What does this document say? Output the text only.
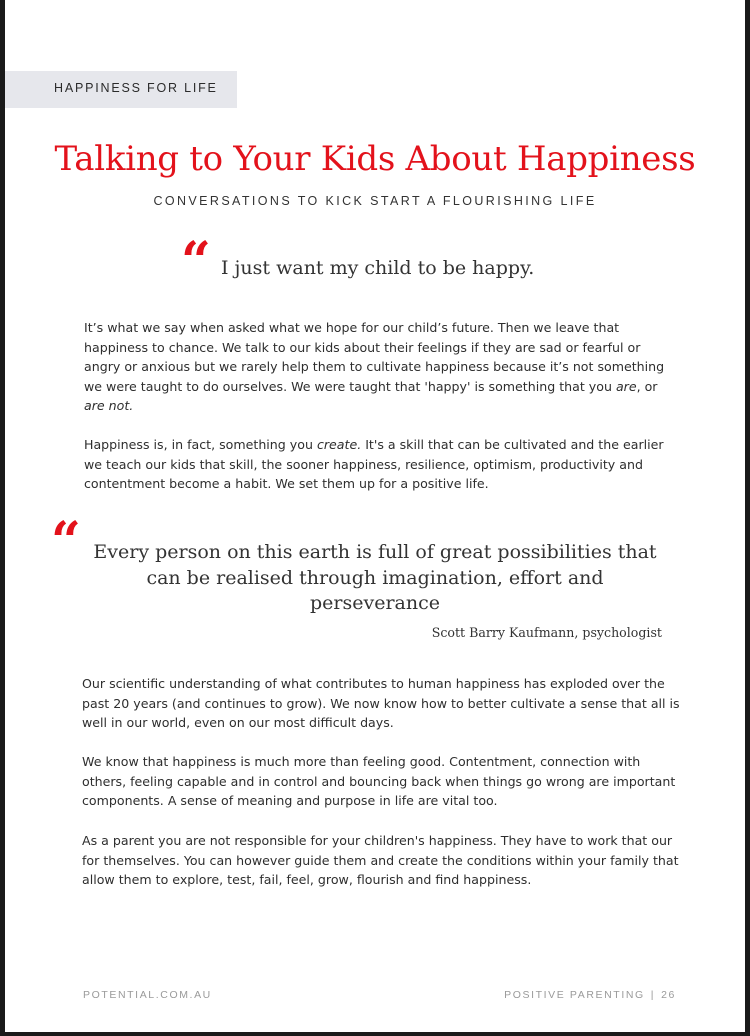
HAPPINESS FOR LIFE
Talking to Your Kids About Happiness
CONVERSATIONS TO KICK START A FLOURISHING LIFE
“ I just want my child to be happy.

It’s what we say when asked what we hope for our child’s future. Then we leave that happiness to chance. We talk to our kids about their feelings if they are sad or fearful or angry or anxious but we rarely help them to cultivate happiness because it’s not something we were taught to do ourselves. We were taught that 'happy' is something that you are, or are not.

Happiness is, in fact, something you create. It's a skill that can be cultivated and the earlier we teach our kids that skill, the sooner happiness, resilience, optimism, productivity and contentment become a habit. We set them up for a positive life.

“ Every person on this earth is full of great possibilities that can be realised through imagination, effort and perseverance
Scott Barry Kaufmann, psychologist

Our scientific understanding of what contributes to human happiness has exploded over the past 20 years (and continues to grow). We now know how to better cultivate a sense that all is well in our world, even on our most difficult days.

We know that happiness is much more than feeling good. Contentment, connection with others, feeling capable and in control and bouncing back when things go wrong are important components. A sense of meaning and purpose in life are vital too.

As a parent you are not responsible for your children's happiness. They have to work that our for themselves. You can however guide them and create the conditions within your family that allow them to explore, test, fail, feel, grow, flourish and find happiness.

POTENTIAL.COM.AU	POSITIVE PARENTING | 26
